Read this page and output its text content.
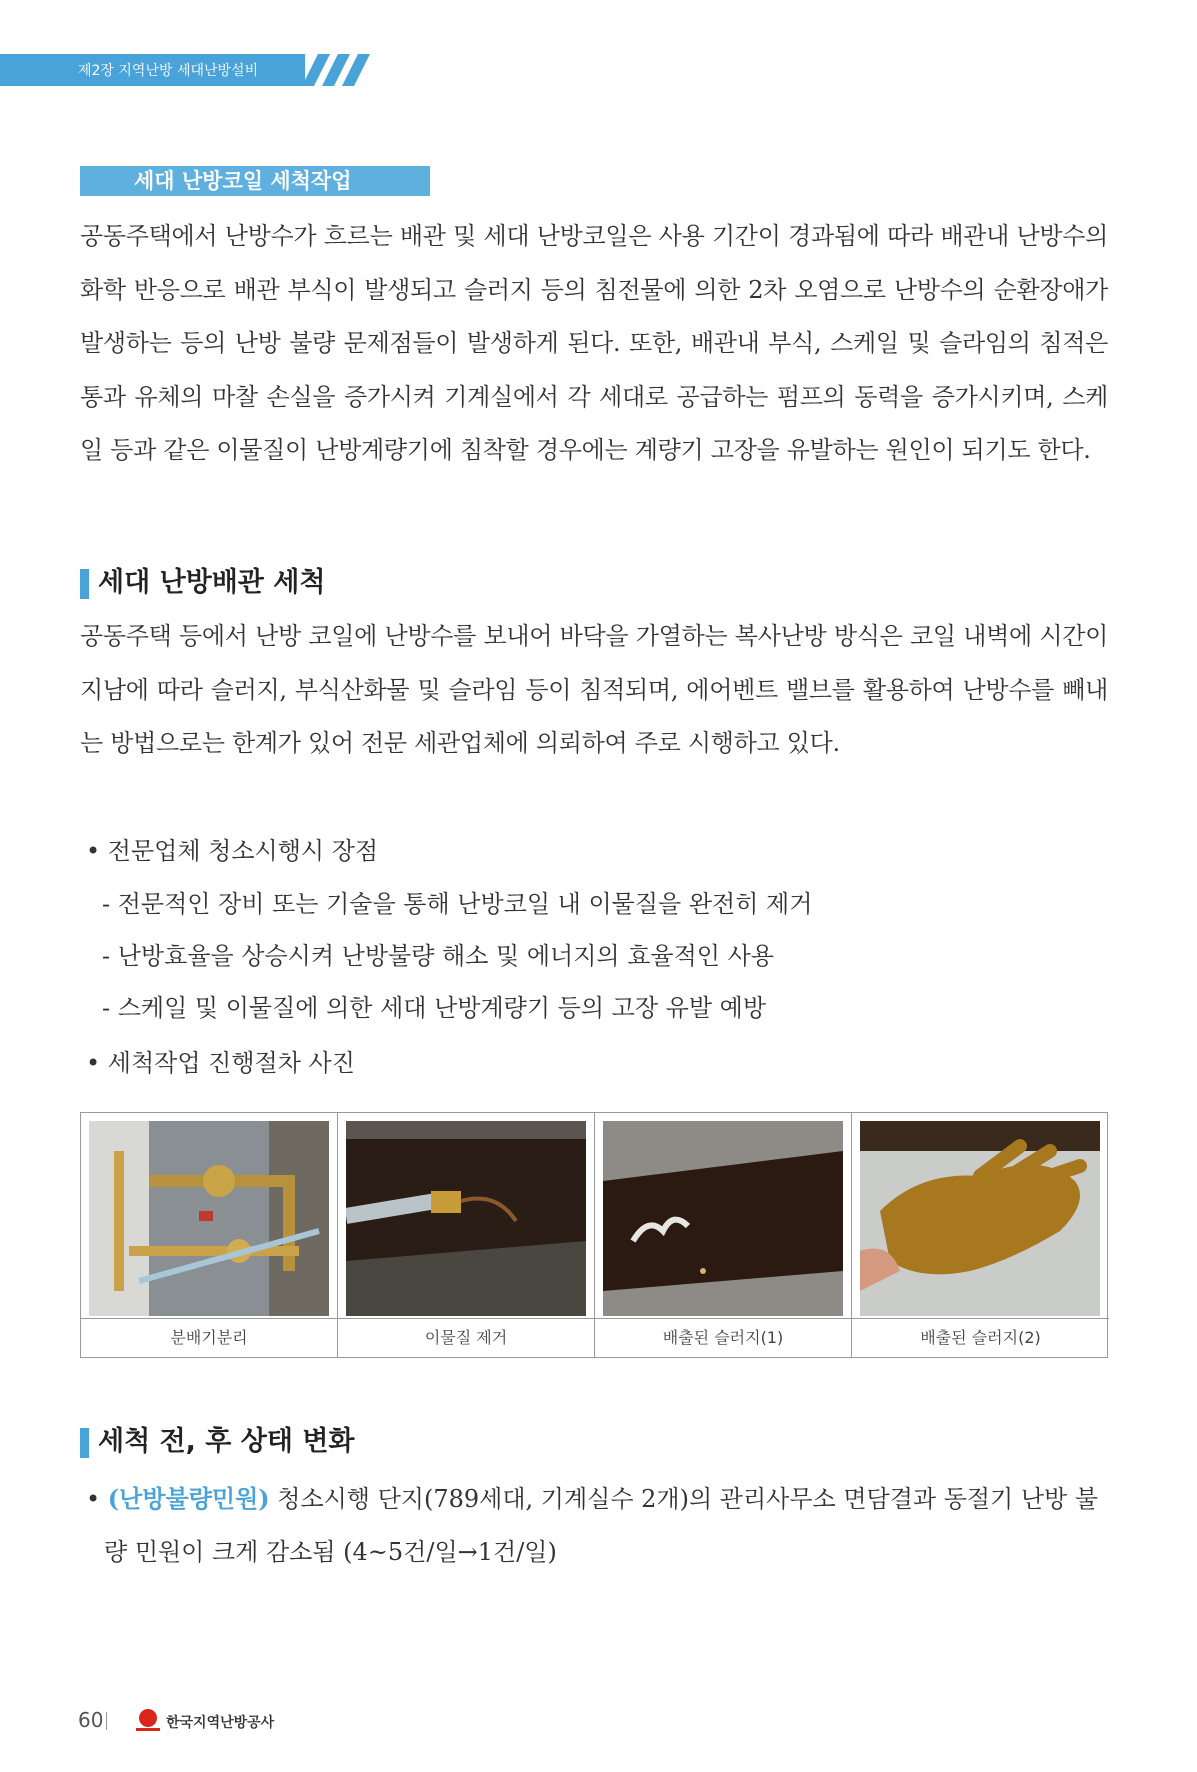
제2장 지역난방 세대난방설비
세대 난방코일 세척작업

공동주택에서 난방수가 흐르는 배관 및 세대 난방코일은 사용 기간이 경과됨에 따라 배관내 난방수의 화학 반응으로 배관 부식이 발생되고 슬러지 등의 침전물에 의한 2차 오염으로 난방수의 순환장애가 발생하는 등의 난방 불량 문제점들이 발생하게 된다. 또한, 배관내 부식, 스케일 및 슬라임의 침적은 통과 유체의 마찰 손실을 증가시켜 기계실에서 각 세대로 공급하는 펌프의 동력을 증가시키며, 스케일 등과 같은 이물질이 난방계량기에 침착할 경우에는 계량기 고장을 유발하는 원인이 되기도 한다.

세대 난방배관 세척

공동주택 등에서 난방 코일에 난방수를 보내어 바닥을 가열하는 복사난방 방식은 코일 내벽에 시간이 지남에 따라 슬러지, 부식산화물 및 슬라임 등이 침적되며, 에어벤트 밸브를 활용하여 난방수를 빼내는 방법으로는 한계가 있어 전문 세관업체에 의뢰하여 주로 시행하고 있다.

• 전문업체 청소시행시 장점
- 전문적인 장비 또는 기술을 통해 난방코일 내 이물질을 완전히 제거
- 난방효율을 상승시켜 난방불량 해소 및 에너지의 효율적인 사용
- 스케일 및 이물질에 의한 세대 난방계량기 등의 고장 유발 예방
• 세척작업 진행절차 사진
분배기분리	이물질 제거	배출된 슬러지(1)	배출된 슬러지(2)
세척 전, 후 상태 변화
• (난방불량민원) 청소시행 단지(789세대, 기계실수 2개)의 관리사무소 면담결과 동절기 난방 불
량 민원이 크게 감소됨 (4~5건/일→1건/일)
60	한국지역난방공사
